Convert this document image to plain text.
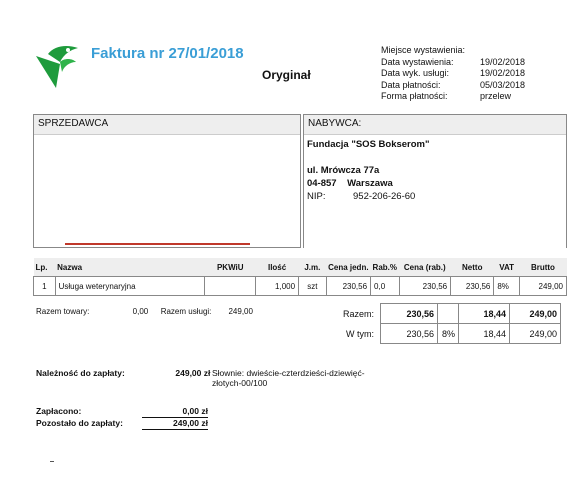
Faktura nr 27/01/2018
Oryginał
Miejsce wystawienia:
Data wystawienia:	19/02/2018
Data wyk. usługi:	19/02/2018
Data płatności:	05/03/2018
Forma płatności:	przelew
SPRZEDAWCA	NABYWCA:
Fundacja "SOS Bokserom"
ul. Mrówcza 77a
04-857 Warszawa
NIP:	952-206-26-60
Lp.	Nazwa	PKWiU	Ilość	J.m.	Cena jedn.	Rab.%	Cena (rab.)	Netto	VAT	Brutto
1	Usługa weterynaryjna		1,000	szt	230,56	0,0	230,56	230,56	8%	249,00
Razem towary:	0,00 Razem usługi: 249,00	Razem:	230,56		18,44	249,00
W tym:	230,56	8%	18,44	249,00
Należność do zapłaty:	249,00 zł Słownie: dwieście-czterdzieści-dziewięć-złotych-00/100
Zapłacono:	0,00 zł
Pozostało do zapłaty:	249,00 zł
